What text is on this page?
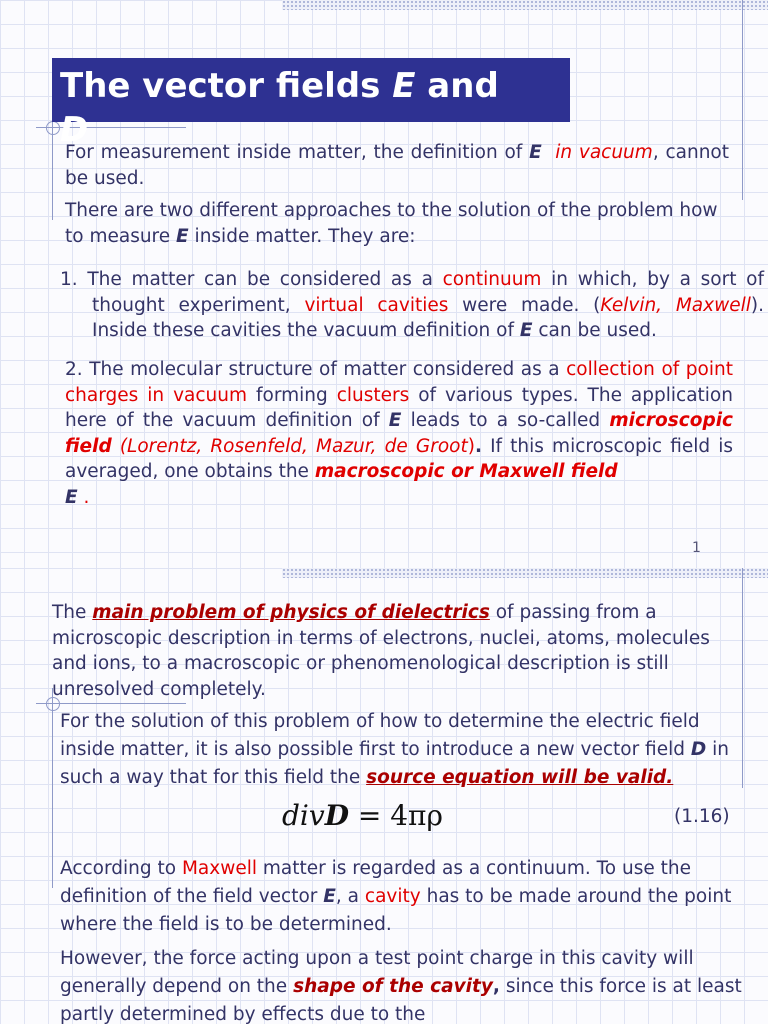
The vector fields E and
D
For measurement inside matter, the definition of E in vacuum, cannot be used.
There are two different approaches to the solution of the problem how to measure E inside matter. They are:
1. The matter can be considered as a continuum in which, by a sort of thought experiment, virtual cavities were made. (Kelvin, Maxwell). Inside these cavities the vacuum definition of E can be used.
2. The molecular structure of matter considered as a collection of point charges in vacuum forming clusters of various types. The application here of the vacuum definition of E leads to a so-called microscopic field (Lorentz, Rosenfeld, Mazur, de Groot). If this microscopic field is averaged, one obtains the macroscopic or Maxwell field
E .
1
The main problem of physics of dielectrics of passing from a microscopic description in terms of electrons, nuclei, atoms, molecules and ions, to a macroscopic or phenomenological description is still unresolved completely.
For the solution of this problem of how to determine the electric field inside matter, it is also possible first to introduce a new vector field D in such a way that for this field the source equation will be valid.
divD = 4πρ	(1.16)
According to Maxwell matter is regarded as a continuum. To use the definition of the field vector E, a cavity has to be made around the point where the field is to be determined.
However, the force acting upon a test point charge in this cavity will generally depend on the shape of the cavity, since this force is at least partly determined by effects due to the
